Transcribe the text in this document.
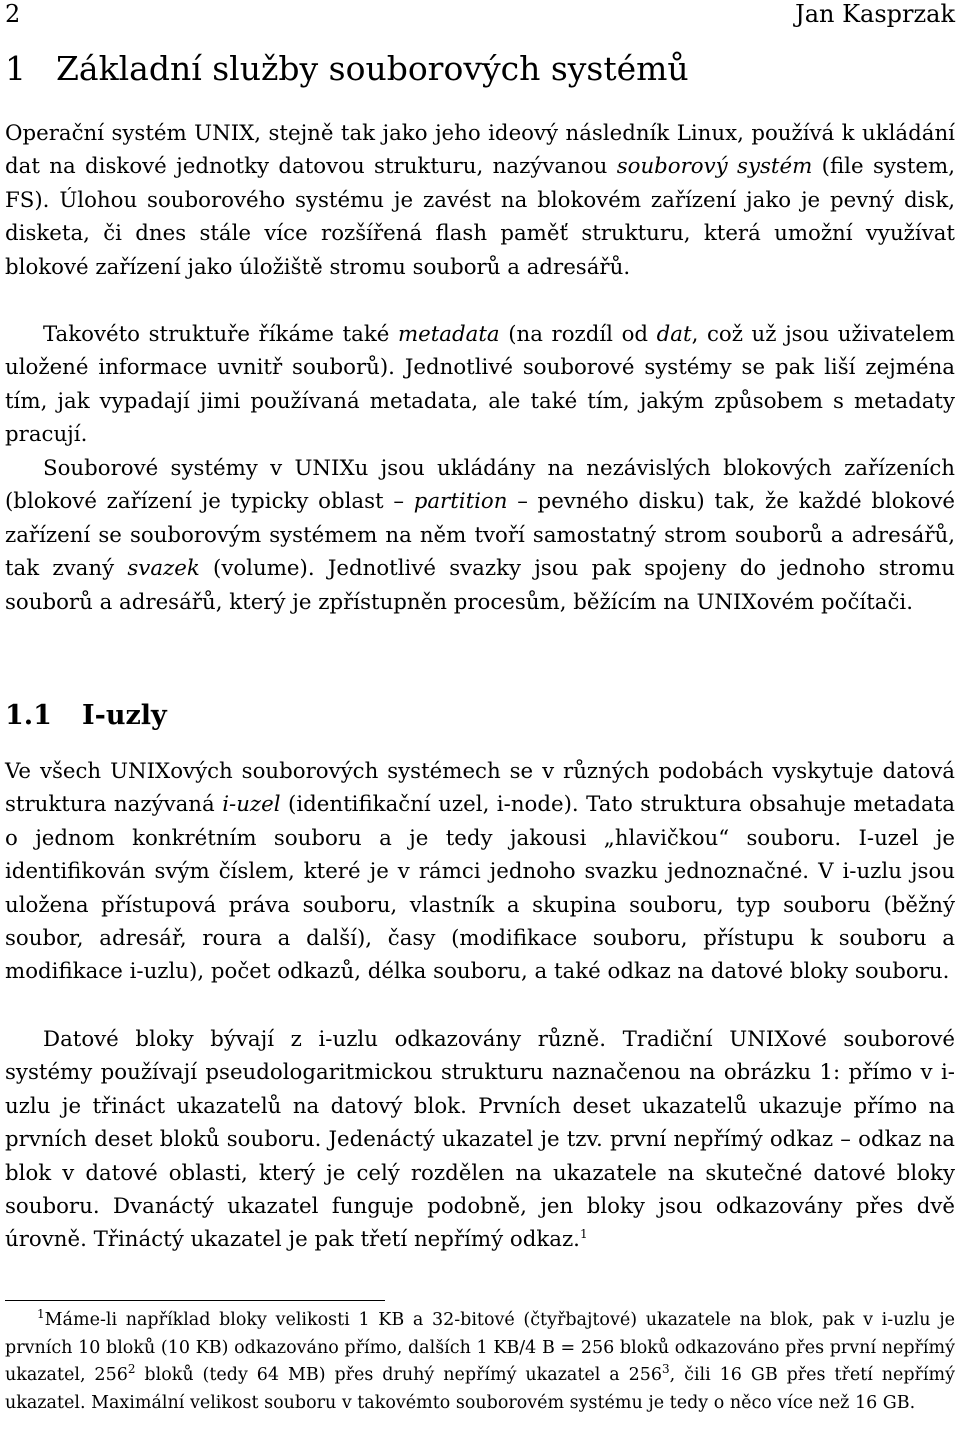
2	Jan Kasprzak
1 Základní služby souborových systémů

Operační systém UNIX, stejně tak jako jeho ideový následník Linux, používá k ukládání dat na diskové jednotky datovou strukturu, nazývanou souborový systém (file system, FS). Úlohou souborového systému je zavést na blokovém zařízení jako je pevný disk, disketa, či dnes stále více rozšířená flash paměť strukturu, která umožní využívat blokové zařízení jako úložiště stromu souborů a adresářů.

Takovéto struktuře říkáme také metadata (na rozdíl od dat, což už jsou uživatelem uložené informace uvnitř souborů). Jednotlivé souborové systémy se pak liší zejména tím, jak vypadají jimi používaná metadata, ale také tím, jakým způsobem s metadaty pracují.

Souborové systémy v UNIXu jsou ukládány na nezávislých blokových zařízeních (blokové zařízení je typicky oblast – partition – pevného disku) tak, že každé blokové zařízení se souborovým systémem na něm tvoří samostatný strom souborů a adresářů, tak zvaný svazek (volume). Jednotlivé svazky jsou pak spojeny do jednoho stromu souborů a adresářů, který je zpřístupněn procesům, běžícím na UNIXovém počítači.

1.1 I-uzly

Ve všech UNIXových souborových systémech se v různých podobách vyskytuje datová struktura nazývaná i-uzel (identifikační uzel, i-node). Tato struktura obsahuje metadata o jednom konkrétním souboru a je tedy jakousi „hlavičkou“ souboru. I-uzel je identifikován svým číslem, které je v rámci jednoho svazku jednoznačné. V i-uzlu jsou uložena přístupová práva souboru, vlastník a skupina souboru, typ souboru (běžný soubor, adresář, roura a další), časy (modifikace souboru, přístupu k souboru a modifikace i-uzlu), počet odkazů, délka souboru, a také odkaz na datové bloky souboru.

Datové bloky bývají z i-uzlu odkazovány různě. Tradiční UNIXové souborové systémy používají pseudologaritmickou strukturu naznačenou na obrázku 1: přímo v i-uzlu je třináct ukazatelů na datový blok. Prvních deset ukazatelů ukazuje přímo na prvních deset bloků souboru. Jedenáctý ukazatel je tzv. první nepřímý odkaz – odkaz na blok v datové oblasti, který je celý rozdělen na ukazatele na skutečné datové bloky souboru. Dvanáctý ukazatel funguje podobně, jen bloky jsou odkazovány přes dvě úrovně. Třináctý ukazatel je pak třetí nepřímý odkaz.$^1$

$^1$Máme-li například bloky velikosti 1 KB a 32-bitové (čtyřbajtové) ukazatele na blok, pak v i-uzlu je prvních 10 bloků (10 KB) odkazováno přímo, dalších 1 KB/4 B = 256 bloků odkazováno přes první nepřímý ukazatel, $256^2$ bloků (tedy 64 MB) přes druhý nepřímý ukazatel a $256^3$, čili 16 GB přes třetí nepřímý ukazatel. Maximální velikost souboru v takovémto souborovém systému je tedy o něco více než 16 GB.
